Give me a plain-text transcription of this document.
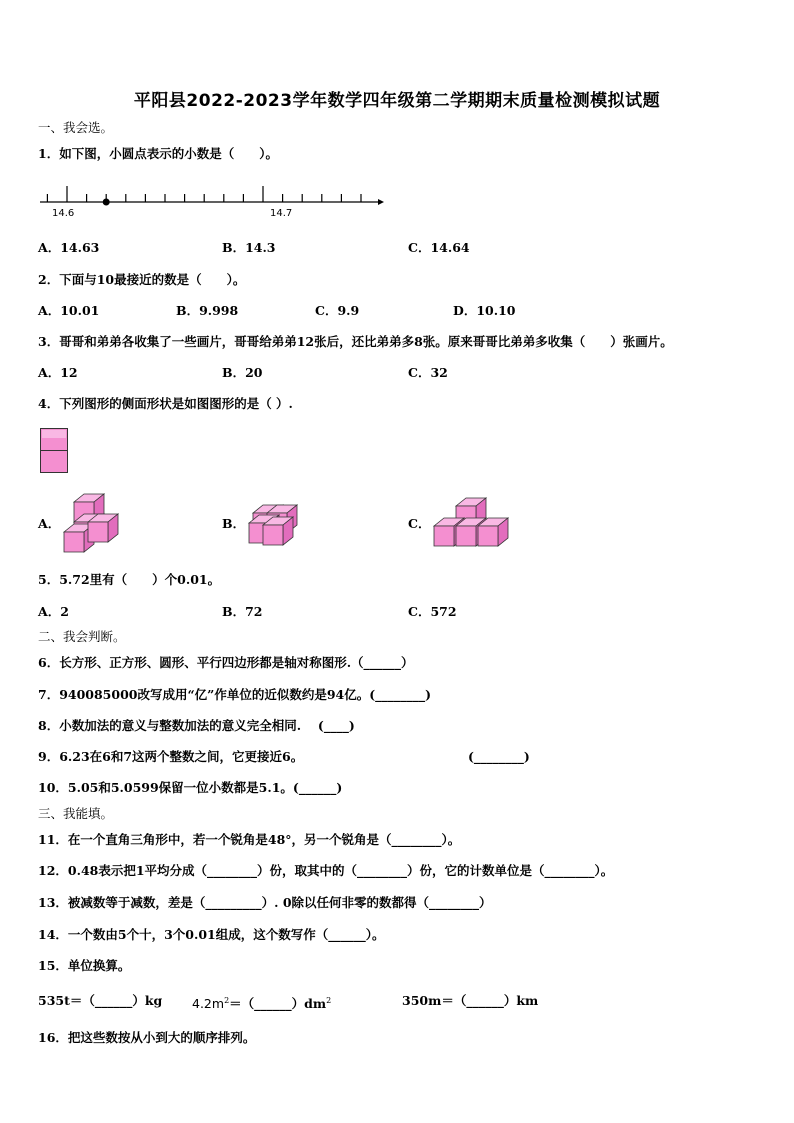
平阳县2022-2023学年数学四年级第二学期期末质量检测模拟试题
一、我会选。
1．如下图，小圆点表示的小数是（　　）。
14.6	14.7
A．14.63	B．14.3	C．14.64
2．下面与10最接近的数是（　　）。
A．10.01	B．9.998	C．9.9	D．10.10
3．哥哥和弟弟各收集了一些画片，哥哥给弟弟12张后，还比弟弟多8张。原来哥哥比弟弟多收集（　　）张画片。
A．12	B．20	C．32
4．下列图形的侧面形状是如图图形的是（ ）.
A．	B．	C．
5．5.72里有（　　）个0.01。
A．2	B．72	C．572
二、我会判断。
6．长方形、正方形、圆形、平行四边形都是轴对称图形.（______）
7．940085000改写成用“亿”作单位的近似数约是94亿。(________)
8．小数加法的意义与整数加法的意义完全相同. 　(____)
9．6.23在6和7这两个整数之间，它更接近6。	(________)
10．5.05和5.0599保留一位小数都是5.1。(______)
三、我能填。
11．在一个直角三角形中，若一个锐角是48°，另一个锐角是（________）。
12．0.48表示把1平均分成（________）份，取其中的（________）份，它的计数单位是（________）。
13．被减数等于减数，差是（_________）. 0除以任何非零的数都得（________）
14．一个数由5个十，3个0.01组成，这个数写作（______）。
15．单位换算。
535t＝（______）kg $4.2m^2=(\_\_\_\_\_\_)dm^2$	350m＝（______）km
16．把这些数按从小到大的顺序排列。
